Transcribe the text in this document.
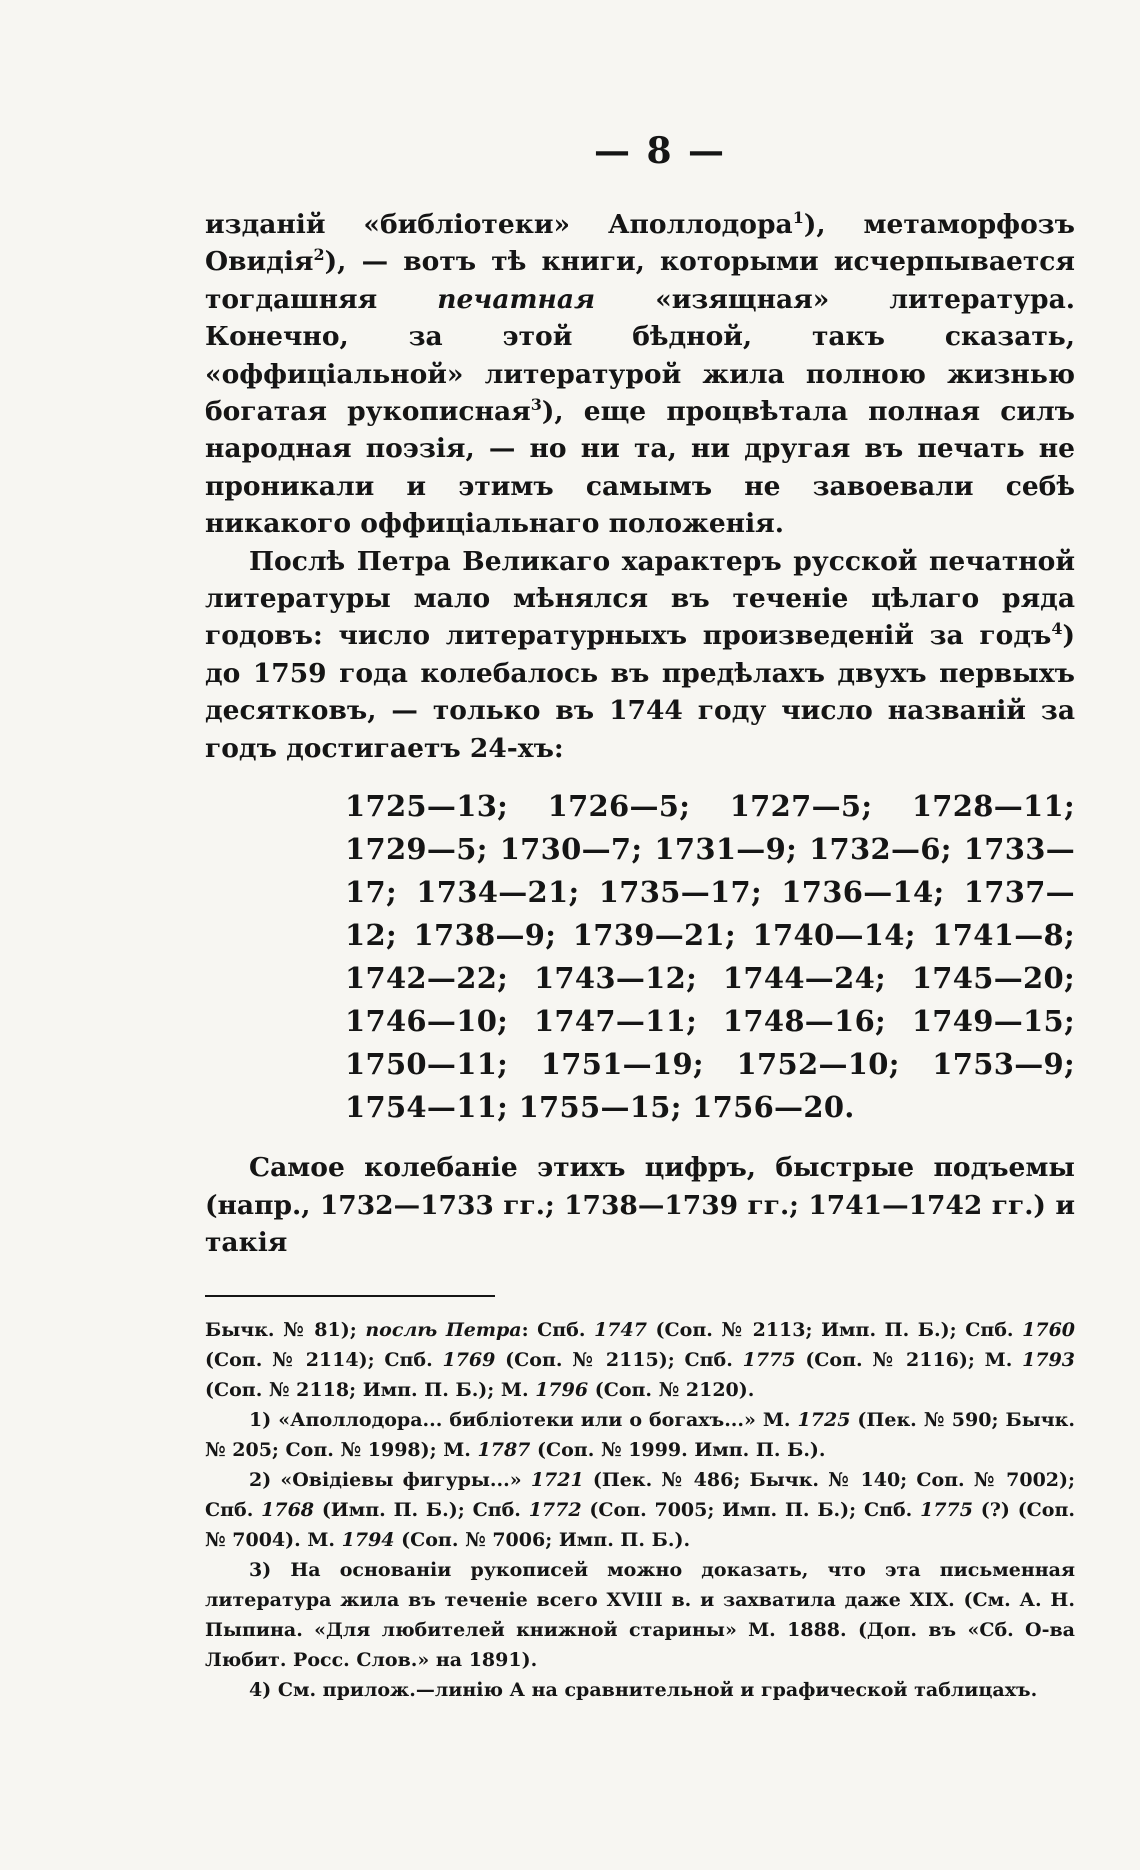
— 8 —

изданій «библіотеки» Аполлодора$^1$), метаморфозъ Овидія$^2$), — вотъ тѣ книги, которыми исчерпывается тогдашняя печатная «изящная» литература. Конечно, за этой бѣдной, такъ сказать, «оффиціальной» литературой жила полною жизнью богатая рукописная$^3$), еще процвѣтала полная силъ народная поэзія, — но ни та, ни другая въ печать не проникали и этимъ самымъ не завоевали себѣ никакого оффиціальнаго положенія.

Послѣ Петра Великаго характеръ русской печатной литературы мало мѣнялся въ теченіе цѣлаго ряда годовъ: число литературныхъ произведеній за годъ$^4$) до 1759 года колебалось въ предѣлахъ двухъ первыхъ десятковъ, — только въ 1744 году число названій за годъ достигаетъ 24-хъ:

1725—13; 1726—5; 1727—5; 1728—11; 1729—5; 1730—7; 1731—9; 1732—6; 1733—17; 1734—21; 1735—17; 1736—14; 1737—12; 1738—9; 1739—21; 1740—14; 1741—8; 1742—22; 1743—12; 1744—24; 1745—20; 1746—10; 1747—11; 1748—16; 1749—15; 1750—11; 1751—19; 1752—10; 1753—9; 1754—11; 1755—15; 1756—20.

Самое колебаніе этихъ цифръ, быстрые подъемы (напр., 1732—1733 гг.; 1738—1739 гг.; 1741—1742 гг.) и такія

Бычк. № 81); послѣ Петра: Спб. 1747 (Соп. № 2113; Имп. П. Б.); Спб. 1760 (Соп. № 2114); Спб. 1769 (Соп. № 2115); Спб. 1775 (Соп. № 2116); М. 1793 (Соп. № 2118; Имп. П. Б.); М. 1796 (Соп. № 2120).

1) «Аполлодора... библіотеки или о богахъ...» М. 1725 (Пек. № 590; Бычк. № 205; Соп. № 1998); М. 1787 (Соп. № 1999. Имп. П. Б.).

2) «Овідіевы фигуры...» 1721 (Пек. № 486; Бычк. № 140; Соп. № 7002); Спб. 1768 (Имп. П. Б.); Спб. 1772 (Соп. 7005; Имп. П. Б.); Спб. 1775 (?) (Соп. № 7004). М. 1794 (Соп. № 7006; Имп. П. Б.).

3) На основаніи рукописей можно доказать, что эта письменная литература жила въ теченіе всего XVIII в. и захватила даже XIX. (См. А. Н. Пыпина. «Для любителей книжной старины» М. 1888. (Доп. въ «Сб. О-ва Любит. Росс. Слов.» на 1891).

4) См. прилож.—линію А на сравнительной и графической таблицахъ.
